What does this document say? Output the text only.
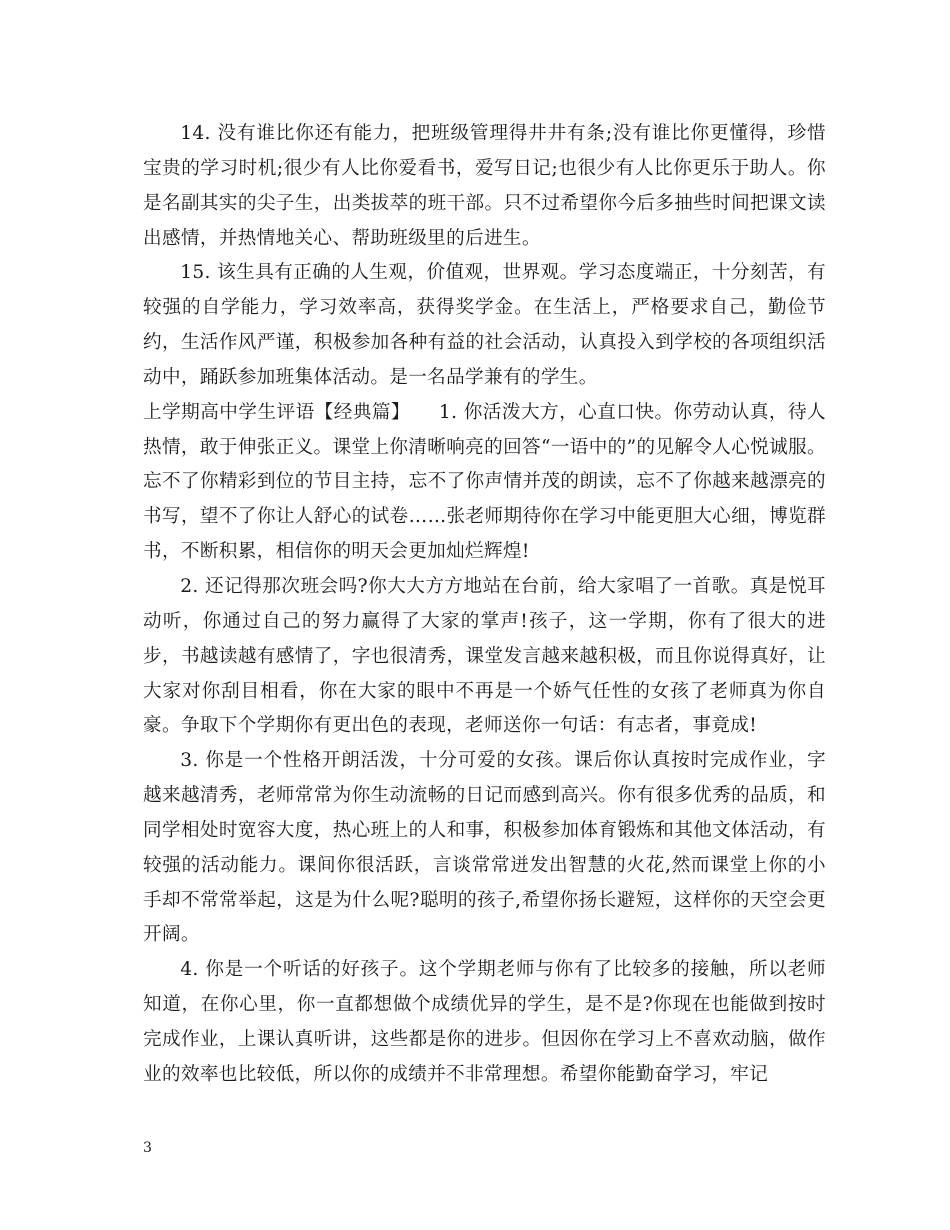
14. 没有谁比你还有能力，把班级管理得井井有条;没有谁比你更懂得，珍惜宝贵的学习时机;很少有人比你爱看书，爱写日记;也很少有人比你更乐于助人。你是名副其实的尖子生，出类拔萃的班干部。只不过希望你今后多抽些时间把课文读出感情，并热情地关心、帮助班级里的后进生。

15. 该生具有正确的人生观，价值观，世界观。学习态度端正，十分刻苦，有较强的自学能力，学习效率高，获得奖学金。在生活上，严格要求自己，勤俭节约，生活作风严谨，积极参加各种有益的社会活动，认真投入到学校的各项组织活动中，踊跃参加班集体活动。是一名品学兼有的学生。

上学期高中学生评语【经典篇】　　1. 你活泼大方，心直口快。你劳动认真，待人热情，敢于伸张正义。课堂上你清晰响亮的回答“一语中的”的见解令人心悦诚服。忘不了你精彩到位的节目主持，忘不了你声情并茂的朗读，忘不了你越来越漂亮的书写，望不了你让人舒心的试卷……张老师期待你在学习中能更胆大心细，博览群书，不断积累，相信你的明天会更加灿烂辉煌!

2. 还记得那次班会吗?你大大方方地站在台前，给大家唱了一首歌。真是悦耳动听，你通过自己的努力赢得了大家的掌声!孩子，这一学期，你有了很大的进步，书越读越有感情了，字也很清秀，课堂发言越来越积极，而且你说得真好，让大家对你刮目相看，你在大家的眼中不再是一个娇气任性的女孩了老师真为你自豪。争取下个学期你有更出色的表现，老师送你一句话：有志者，事竟成!

3. 你是一个性格开朗活泼，十分可爱的女孩。课后你认真按时完成作业，字越来越清秀，老师常常为你生动流畅的日记而感到高兴。你有很多优秀的品质，和同学相处时宽容大度，热心班上的人和事，积极参加体育锻炼和其他文体活动，有较强的活动能力。课间你很活跃，言谈常常迸发出智慧的火花,然而课堂上你的小手却不常常举起，这是为什么呢?聪明的孩子,希望你扬长避短，这样你的天空会更开阔。

4. 你是一个听话的好孩子。这个学期老师与你有了比较多的接触，所以老师知道，在你心里，你一直都想做个成绩优异的学生，是不是?你现在也能做到按时完成作业，上课认真听讲，这些都是你的进步。但因你在学习上不喜欢动脑，做作业的效率也比较低，所以你的成绩并不非常理想。希望你能勤奋学习，牢记

3
